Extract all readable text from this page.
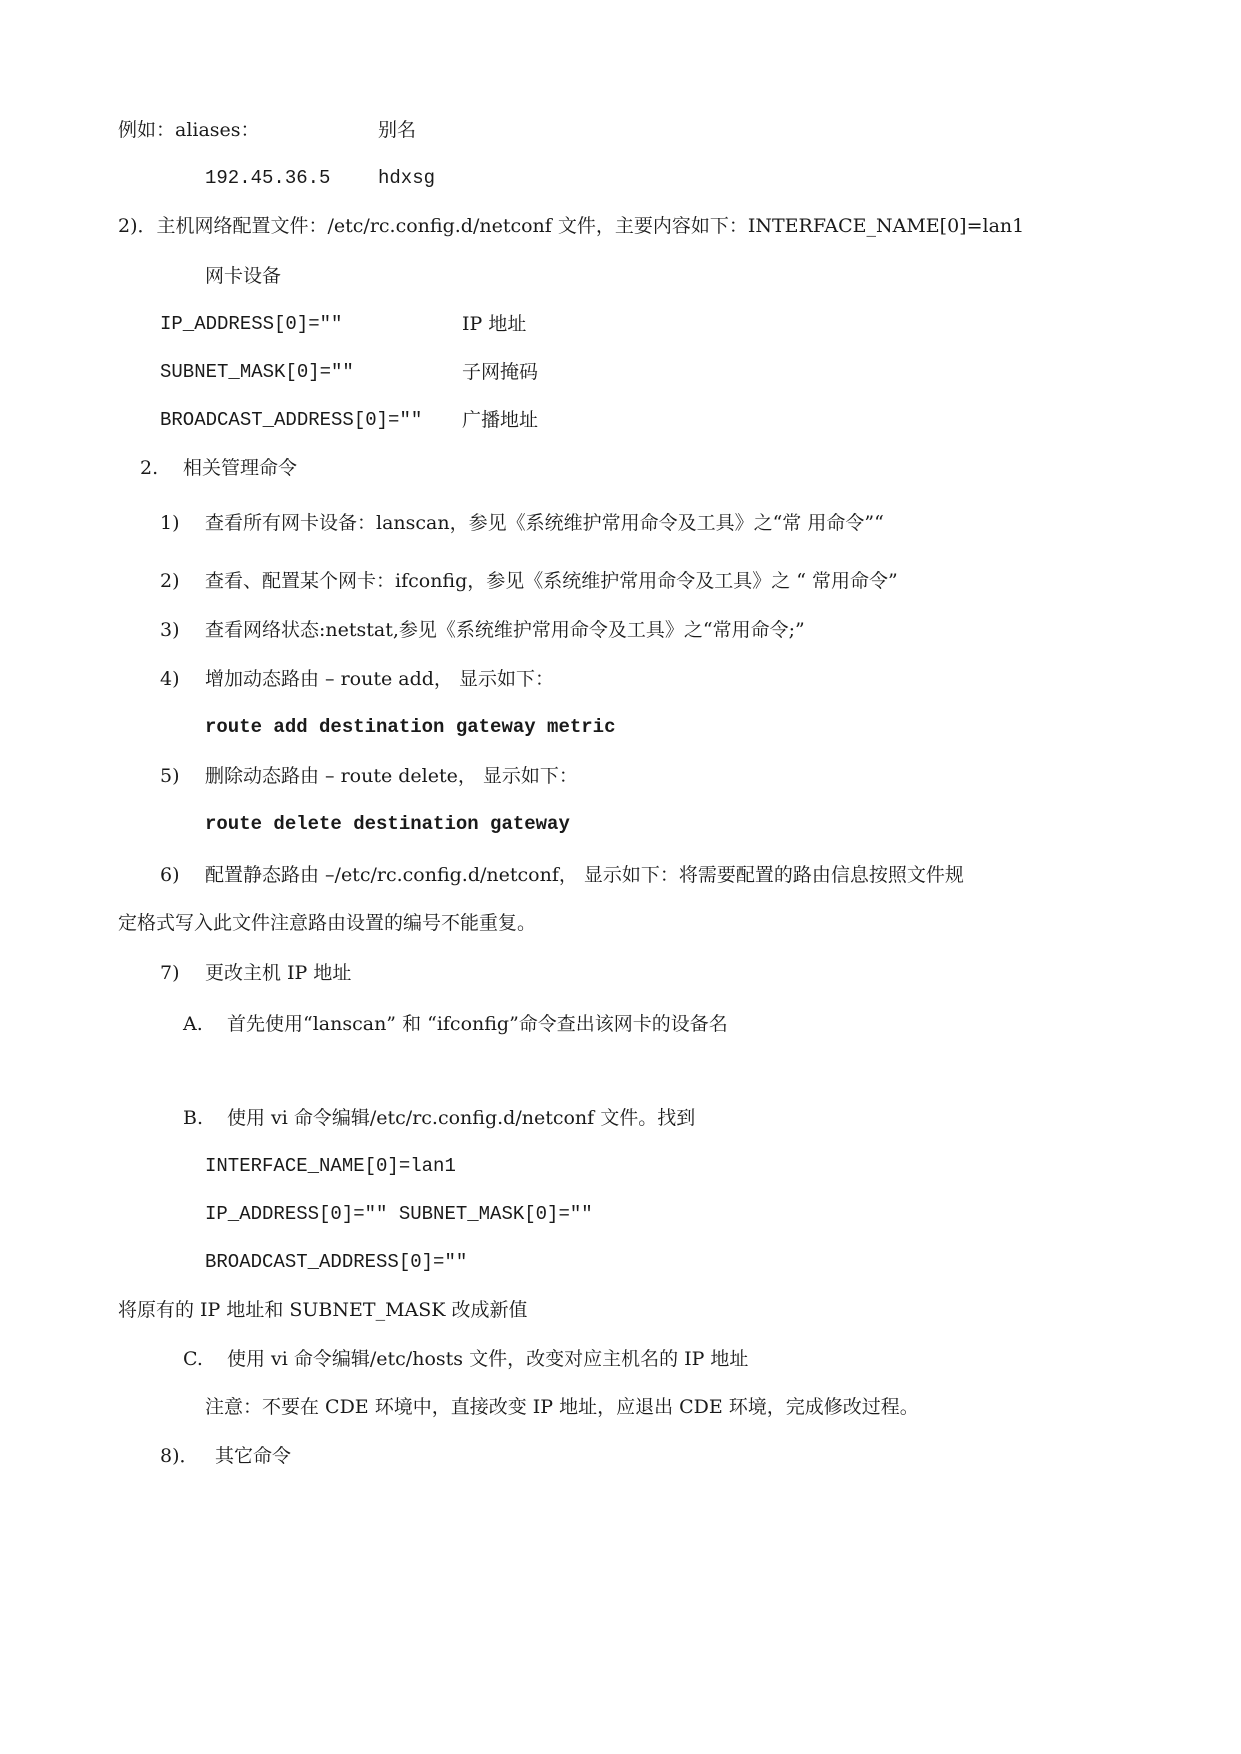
例如：aliases：	别名
192.45.36.5	hdxsg
2)．主机网络配置文件：/etc/rc.config.d/netconf 文件，主要内容如下：INTERFACE_NAME[0]=lan1
网卡设备
IP_ADDRESS[0]=""	IP 地址
SUBNET_MASK[0]=""	子网掩码
BROADCAST_ADDRESS[0]="" 广播地址
2. 相关管理命令
1) 查看所有网卡设备：lanscan，参见《系统维护常用命令及工具》之“常 用命令”“
2) 查看、配置某个网卡：ifconfig，参见《系统维护常用命令及工具》之 “ 常用命令”
3) 查看网络状态:netstat,参见《系统维护常用命令及工具》之“常用命令;”
4) 增加动态路由 – route add， 显示如下：
route add destination gateway metric
5) 删除动态路由 – route delete， 显示如下：
route delete destination gateway
6) 配置静态路由 –/etc/rc.config.d/netconf， 显示如下：将需要配置的路由信息按照文件规
定格式写入此文件注意路由设置的编号不能重复。
7) 更改主机 IP 地址
A. 首先使用“lanscan” 和 “ifconfig”命令查出该网卡的设备名
B. 使用 vi 命令编辑/etc/rc.config.d/netconf 文件。找到
INTERFACE_NAME[0]=lan1
IP_ADDRESS[0]="" SUBNET_MASK[0]=""
BROADCAST_ADDRESS[0]=""
将原有的 IP 地址和 SUBNET_MASK 改成新值
C. 使用 vi 命令编辑/etc/hosts 文件，改变对应主机名的 IP 地址
注意：不要在 CDE 环境中，直接改变 IP 地址，应退出 CDE 环境，完成修改过程。
8)． 其它命令
